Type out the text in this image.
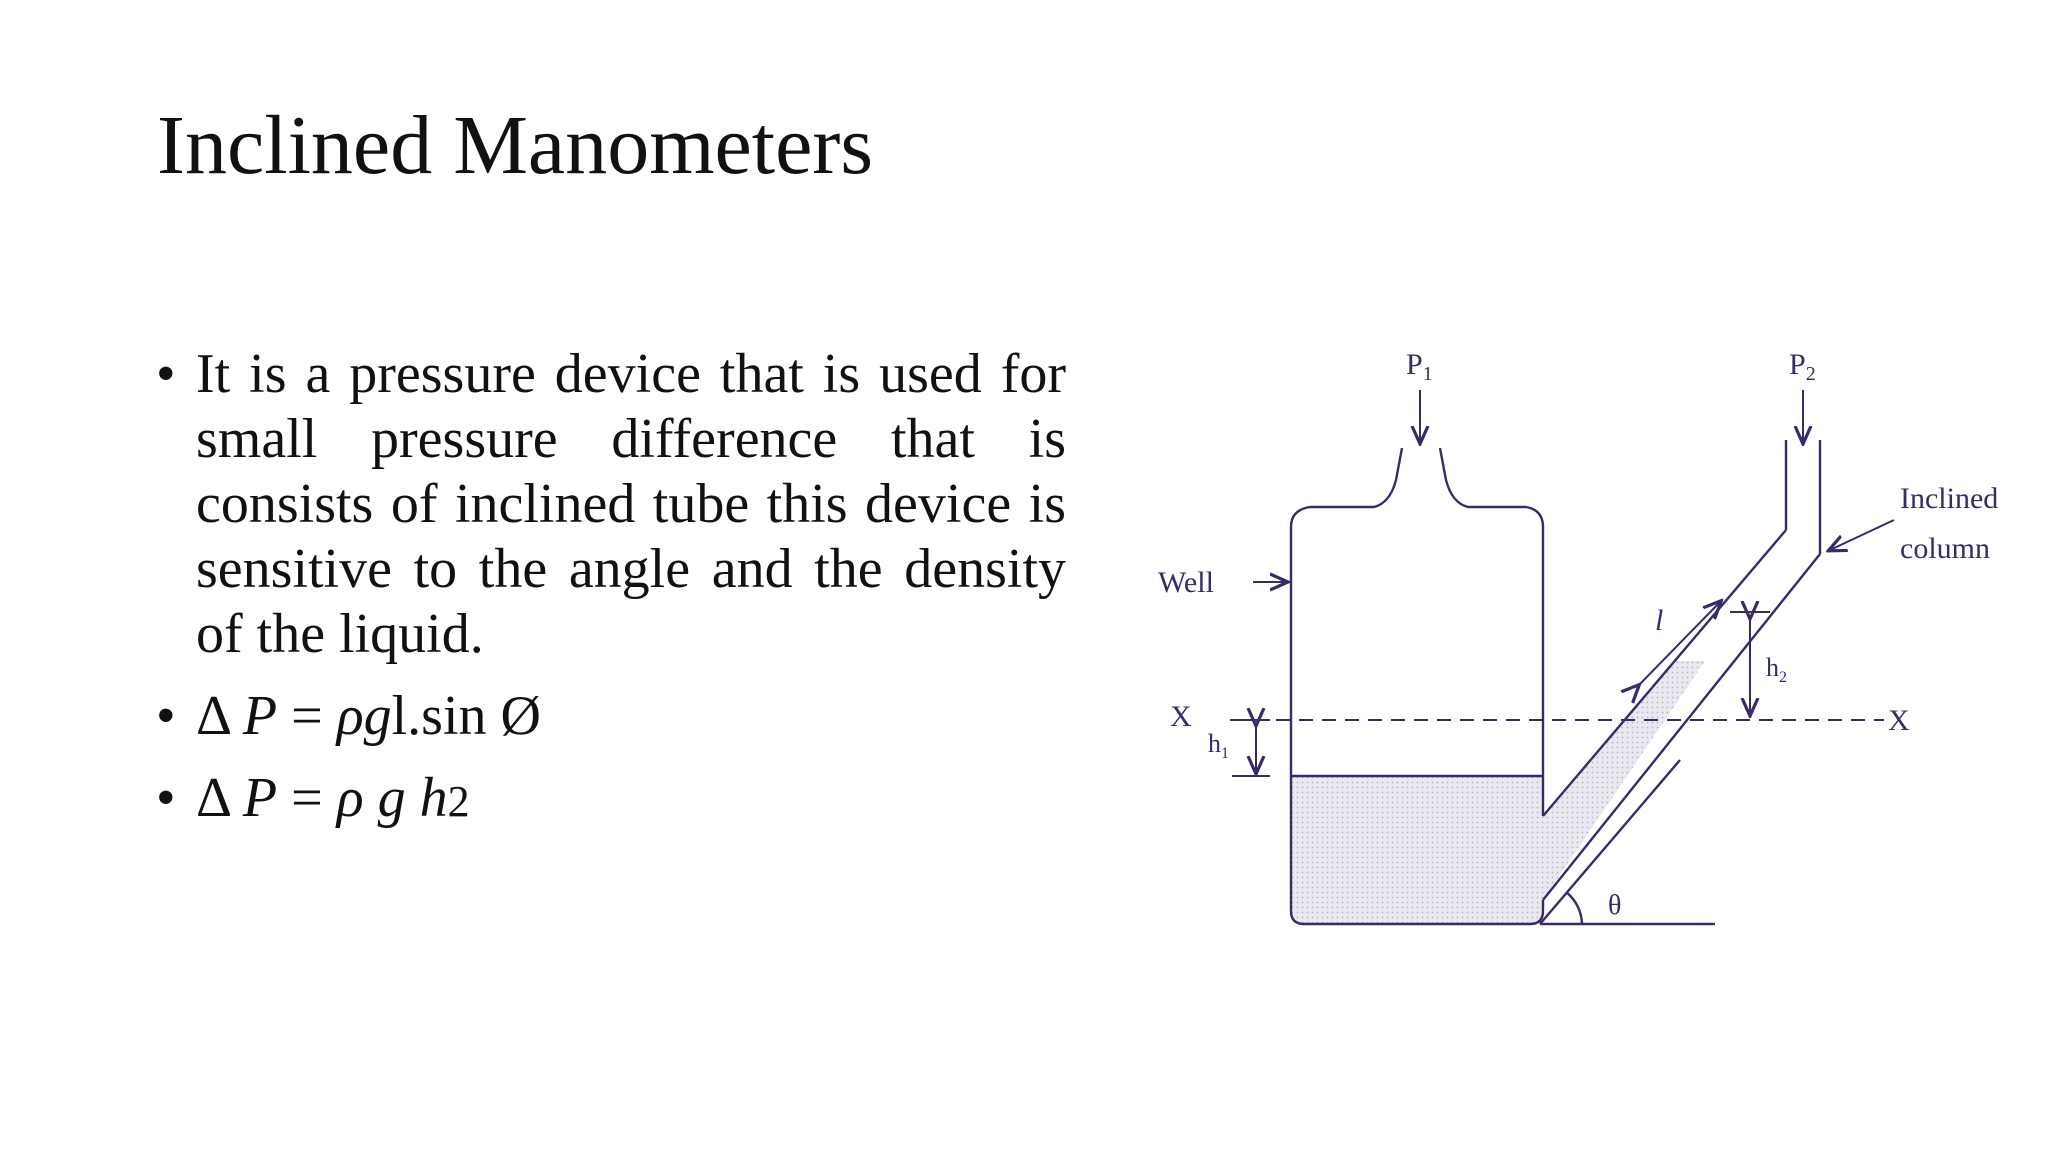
Inclined Manometers
• It is a pressure device that is used for small pressure difference that is consists of inclined tube this device is sensitive to the angle and the density of the liquid.
• Δ P = ρgl.sin Ø
• Δ P = ρ g h2
$P_1$	$P_2$
Well
Inclined
column
X	X
$h_1$
$h_2$
l
θ
